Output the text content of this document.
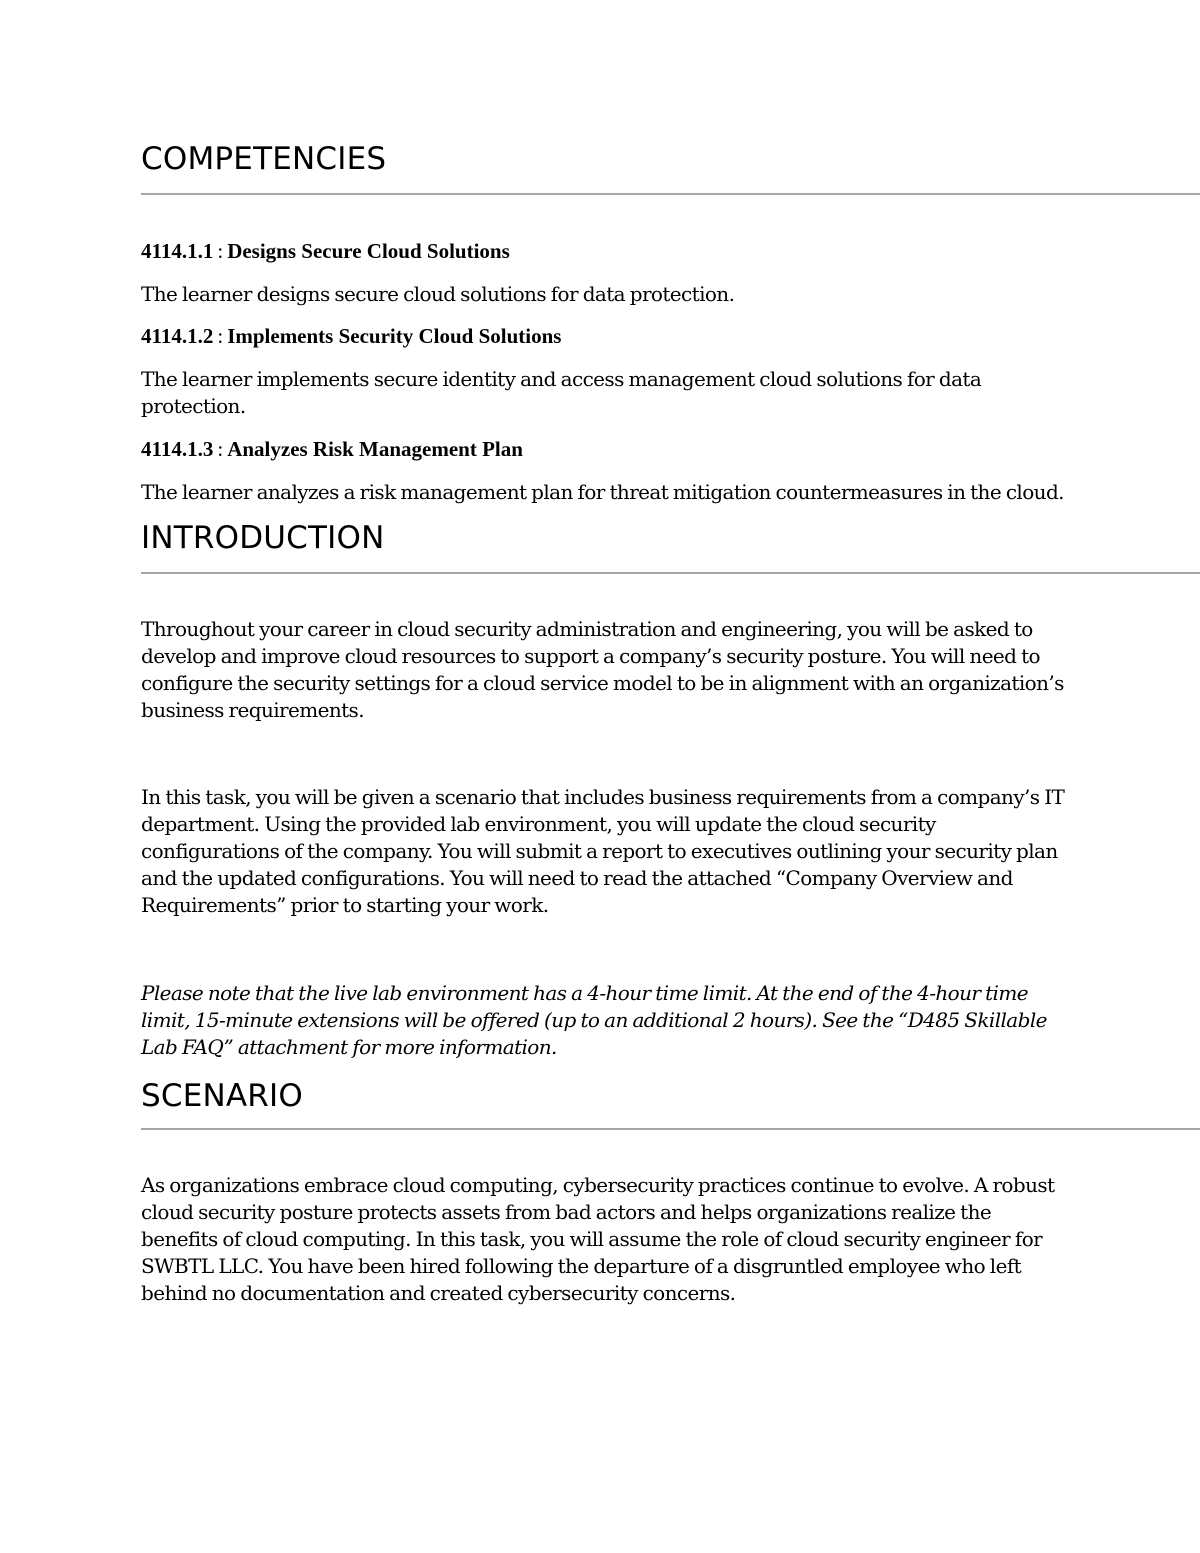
COMPETENCIES

4114.1.1 : Designs Secure Cloud Solutions

The learner designs secure cloud solutions for data protection.

4114.1.2 : Implements Security Cloud Solutions

The learner implements secure identity and access management cloud solutions for data protection.

4114.1.3 : Analyzes Risk Management Plan

The learner analyzes a risk management plan for threat mitigation countermeasures in the cloud.

INTRODUCTION

Throughout your career in cloud security administration and engineering, you will be asked to develop and improve cloud resources to support a company’s security posture. You will need to configure the security settings for a cloud service model to be in alignment with an organization’s business requirements.

In this task, you will be given a scenario that includes business requirements from a company’s IT department. Using the provided lab environment, you will update the cloud security configurations of the company. You will submit a report to executives outlining your security plan and the updated configurations. You will need to read the attached “Company Overview and Requirements” prior to starting your work.

Please note that the live lab environment has a 4-hour time limit. At the end of the 4-hour time limit, 15-minute extensions will be offered (up to an additional 2 hours). See the “D485 Skillable Lab FAQ” attachment for more information.

SCENARIO

As organizations embrace cloud computing, cybersecurity practices continue to evolve. A robust cloud security posture protects assets from bad actors and helps organizations realize the benefits of cloud computing. In this task, you will assume the role of cloud security engineer for SWBTL LLC. You have been hired following the departure of a disgruntled employee who left behind no documentation and created cybersecurity concerns.
